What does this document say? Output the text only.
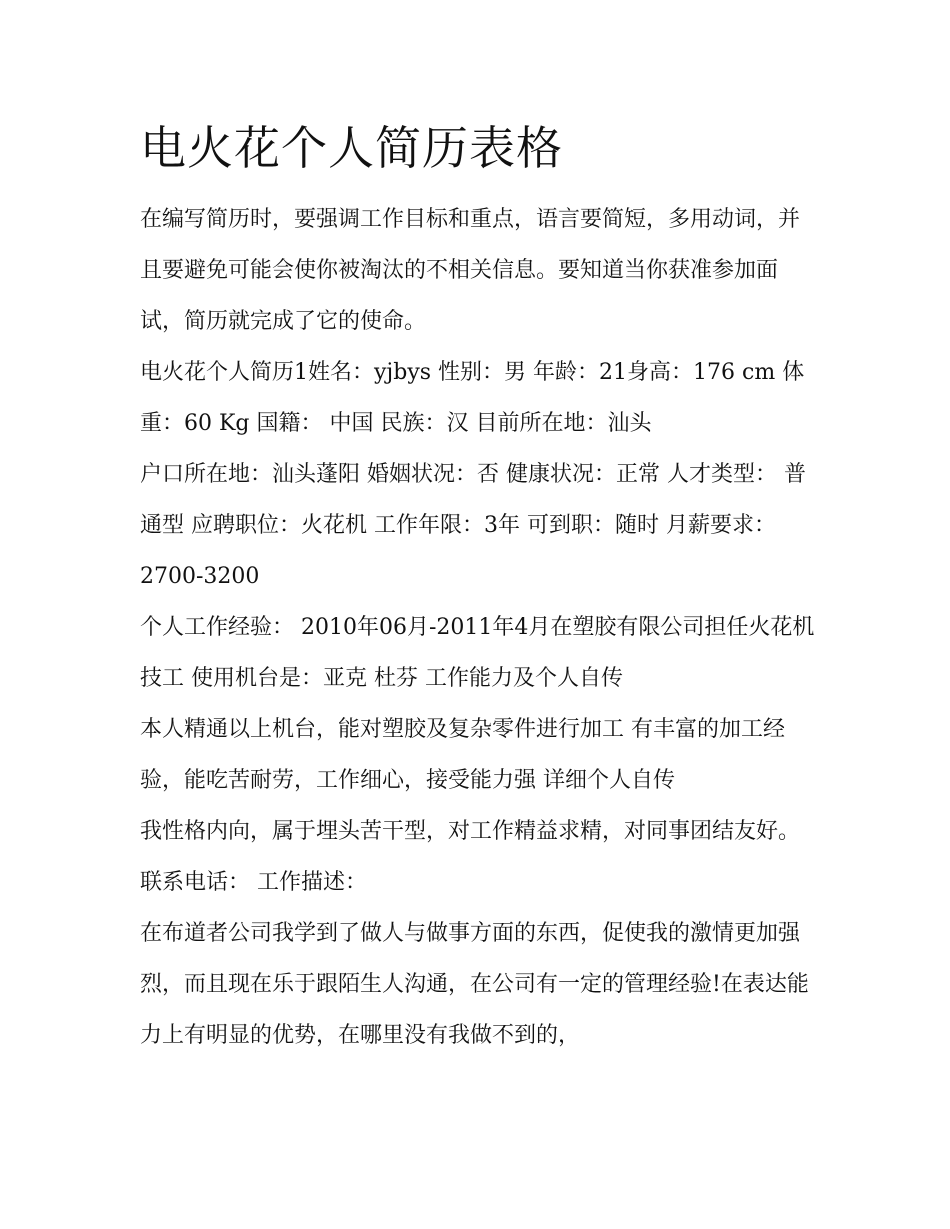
电火花个人简历表格

在编写简历时，要强调工作目标和重点，语言要简短，多用动词，并且要避免可能会使你被淘汰的不相关信息。要知道当你获准参加面试，简历就完成了它的使命。

电火花个人简历1姓名：yjbys 性别：男 年龄：21身高：176 cm 体重：60 Kg 国籍： 中国 民族：汉 目前所在地：汕头

户口所在地：汕头蓬阳 婚姻状况：否 健康状况：正常 人才类型： 普通型 应聘职位：火花机 工作年限：3年 可到职：随时 月薪要求：2700-3200

个人工作经验： 2010年06月-2011年4月在塑胶有限公司担任火花机技工 使用机台是：亚克 杜芬 工作能力及个人自传

本人精通以上机台，能对塑胶及复杂零件进行加工 有丰富的加工经验，能吃苦耐劳，工作细心，接受能力强 详细个人自传

我性格内向，属于埋头苦干型，对工作精益求精，对同事团结友好。 联系电话： 工作描述：

在布道者公司我学到了做人与做事方面的东西，促使我的激情更加强烈，而且现在乐于跟陌生人沟通，在公司有一定的管理经验!在表达能力上有明显的优势，在哪里没有我做不到的，
